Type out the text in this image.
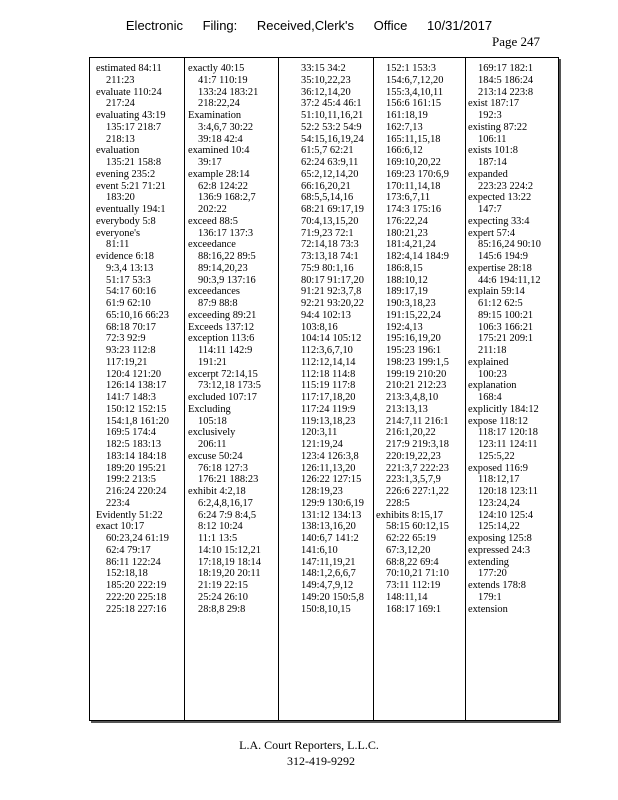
Electronic Filing: Received,Clerk's Office 10/31/2017
Page 247
estimated 84:11
211:23
evaluate 110:24
217:24
evaluating 43:19
135:17 218:7
218:13
evaluation
135:21 158:8
evening 235:2
event 5:21 71:21
183:20
eventually 194:1
everybody 5:8
everyone's
81:11
evidence 6:18
9:3,4 13:13
51:17 53:3
54:17 60:16
61:9 62:10
65:10,16 66:23
68:18 70:17
72:3 92:9
93:23 112:8
117:19,21
120:4 121:20
126:14 138:17
141:7 148:3
150:12 152:15
154:1,8 161:20
169:5 174:4
182:5 183:13
183:14 184:18
189:20 195:21
199:2 213:5
216:24 220:24
223:4
Evidently 51:22
exact 10:17
60:23,24 61:19
62:4 79:17
86:11 122:24
152:18,18
185:20 222:19
222:20 225:18
225:18 227:16
exactly 40:15
41:7 110:19
133:24 183:21
218:22,24
Examination
3:4,6,7 30:22
39:18 42:4
examined 10:4
39:17
example 28:14
62:8 124:22
136:9 168:2,7
202:22
exceed 88:5
136:17 137:3
exceedance
88:16,22 89:5
89:14,20,23
90:3,9 137:16
exceedances
87:9 88:8
exceeding 89:21
Exceeds 137:12
exception 113:6
114:11 142:9
191:21
excerpt 72:14,15
73:12,18 173:5
excluded 107:17
Excluding
105:18
exclusively
206:11
excuse 50:24
76:18 127:3
176:21 188:23
exhibit 4:2,18
6:2,4,8,16,17
6:24 7:9 8:4,5
8:12 10:24
11:1 13:5
14:10 15:12,21
17:18,19 18:14
18:19,20 20:11
21:19 22:15
25:24 26:10
28:8,8 29:8
33:15 34:2
35:10,22,23
36:12,14,20
37:2 45:4 46:1
51:10,11,16,21
52:2 53:2 54:9
54:15,16,19,24
61:5,7 62:21
62:24 63:9,11
65:2,12,14,20
66:16,20,21
68:5,5,14,16
68:21 69:17,19
70:4,13,15,20
71:9,23 72:1
72:14,18 73:3
73:13,18 74:1
75:9 80:1,16
80:17 91:17,20
91:21 92:3,7,8
92:21 93:20,22
94:4 102:13
103:8,16
104:14 105:12
112:3,6,7,10
112:12,14,14
112:18 114:8
115:19 117:8
117:17,18,20
117:24 119:9
119:13,18,23
120:3,11
121:19,24
123:4 126:3,8
126:11,13,20
126:22 127:15
128:19,23
129:9 130:6,19
131:12 134:13
138:13,16,20
140:6,7 141:2
141:6,10
147:11,19,21
148:1,2,6,6,7
149:4,7,9,12
149:20 150:5,8
150:8,10,15
152:1 153:3
154:6,7,12,20
155:3,4,10,11
156:6 161:15
161:18,19
162:7,13
165:11,15,18
166:6,12
169:10,20,22
169:23 170:6,9
170:11,14,18
173:6,7,11
174:3 175:16
176:22,24
180:21,23
181:4,21,24
182:4,14 184:9
186:8,15
188:10,12
189:17,19
190:3,18,23
191:15,22,24
192:4,13
195:16,19,20
195:23 196:1
198:23 199:1,5
199:19 210:20
210:21 212:23
213:3,4,8,10
213:13,13
214:7,11 216:1
216:1,20,22
217:9 219:3,18
220:19,22,23
221:3,7 222:23
223:1,3,5,7,9
226:6 227:1,22
228:5
exhibits 8:15,17
58:15 60:12,15
62:22 65:19
67:3,12,20
68:8,22 69:4
70:10,21 71:10
73:11 112:19
148:11,14
168:17 169:1
169:17 182:1
184:5 186:24
213:14 223:8
exist 187:17
192:3
existing 87:22
106:11
exists 101:8
187:14
expanded
223:23 224:2
expected 13:22
147:7
expecting 33:4
expert 57:4
85:16,24 90:10
145:6 194:9
expertise 28:18
44:6 194:11,12
explain 59:14
61:12 62:5
89:15 100:21
106:3 166:21
175:21 209:1
211:18
explained
100:23
explanation
168:4
explicitly 184:12
expose 118:12
118:17 120:18
123:11 124:11
125:5,22
exposed 116:9
118:12,17
120:18 123:11
123:24,24
124:10 125:4
125:14,22
exposing 125:8
expressed 24:3
extending
177:20
extends 178:8
179:1
extension
L.A. Court Reporters, L.L.C.
312-419-9292
